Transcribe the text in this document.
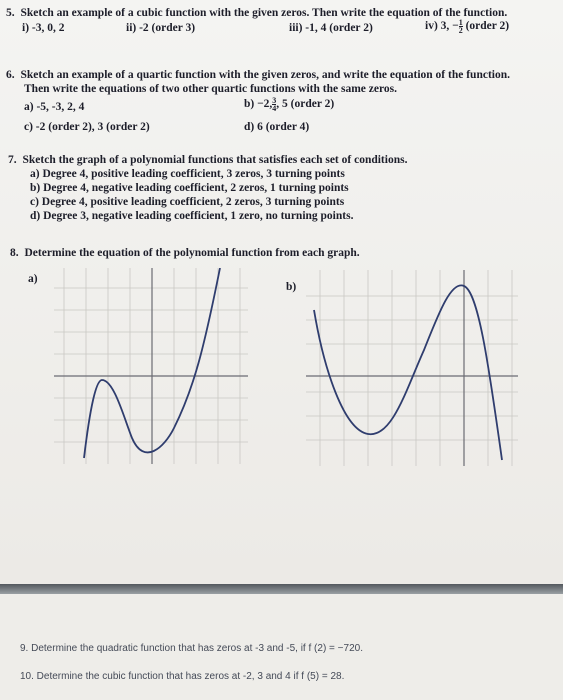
5. Sketch an example of a cubic function with the given zeros. Then write the equation of the function.
i) -3, 0, 2	ii) -2 (order 3)	iii) -1, 4 (order 2)	iv) 3, − $\frac{1}{2}$ (order 2)
6. Sketch an example of a quartic function with the given zeros, and write the equation of the function.
Then write the equations of two other quartic functions with the same zeros.
a) -5, -3, 2, 4	b) −2, $\frac{3}{4}$ , 5 (order 2)
c) -2 (order 2), 3 (order 2)	d) 6 (order 4)
7. Sketch the graph of a polynomial functions that satisfies each set of conditions.
a) Degree 4, positive leading coefficient, 3 zeros, 3 turning points
b) Degree 4, negative leading coefficient, 2 zeros, 1 turning points
c) Degree 4, positive leading coefficient, 2 zeros, 3 turning points
d) Degree 3, negative leading coefficient, 1 zero, no turning points.
8. Determine the equation of the polynomial function from each graph.
a)
b)
9. Determine the quadratic function that has zeros at -3 and -5, if f (2) = −720.
10. Determine the cubic function that has zeros at -2, 3 and 4 if f (5) = 28.
